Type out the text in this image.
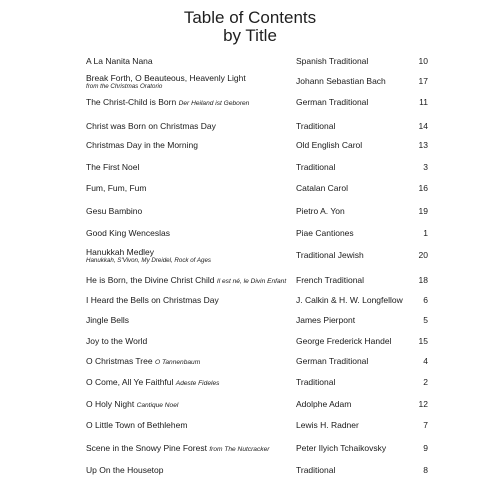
Table of Contents
by Title
A La Nanita Nana	Spanish Traditional	10
Break Forth, O Beauteous, Heavenly Light
from the Christmas Oratorio
Johann Sebastian Bach	17
The Christ-Child is Born Der Heiland ist Geboren	German Traditional	11
Christ was Born on Christmas Day	Traditional	14
Christmas Day in the Morning	Old English Carol	13
The First Noel	Traditional	3
Fum, Fum, Fum	Catalan Carol	16
Gesu Bambino	Pietro A. Yon	19
Good King Wenceslas	Piae Cantiones	1
Hanukkah Medley
Hanukkah, S'Vivon, My Dreidel, Rock of Ages
Traditional Jewish	20
He is Born, the Divine Christ Child Il est né, le Divin Enfant	French Traditional	18
I Heard the Bells on Christmas Day	J. Calkin & H. W. Longfellow	6
Jingle Bells	James Pierpont	5
Joy to the World	George Frederick Handel	15
O Christmas Tree O Tannenbaum	German Traditional	4
O Come, All Ye Faithful Adeste Fideles	Traditional	2
O Holy Night Cantique Noel	Adolphe Adam	12
O Little Town of Bethlehem	Lewis H. Radner	7
Scene in the Snowy Pine Forest from The Nutcracker	Peter Ilyich Tchaikovsky	9
Up On the Housetop	Traditional	8
